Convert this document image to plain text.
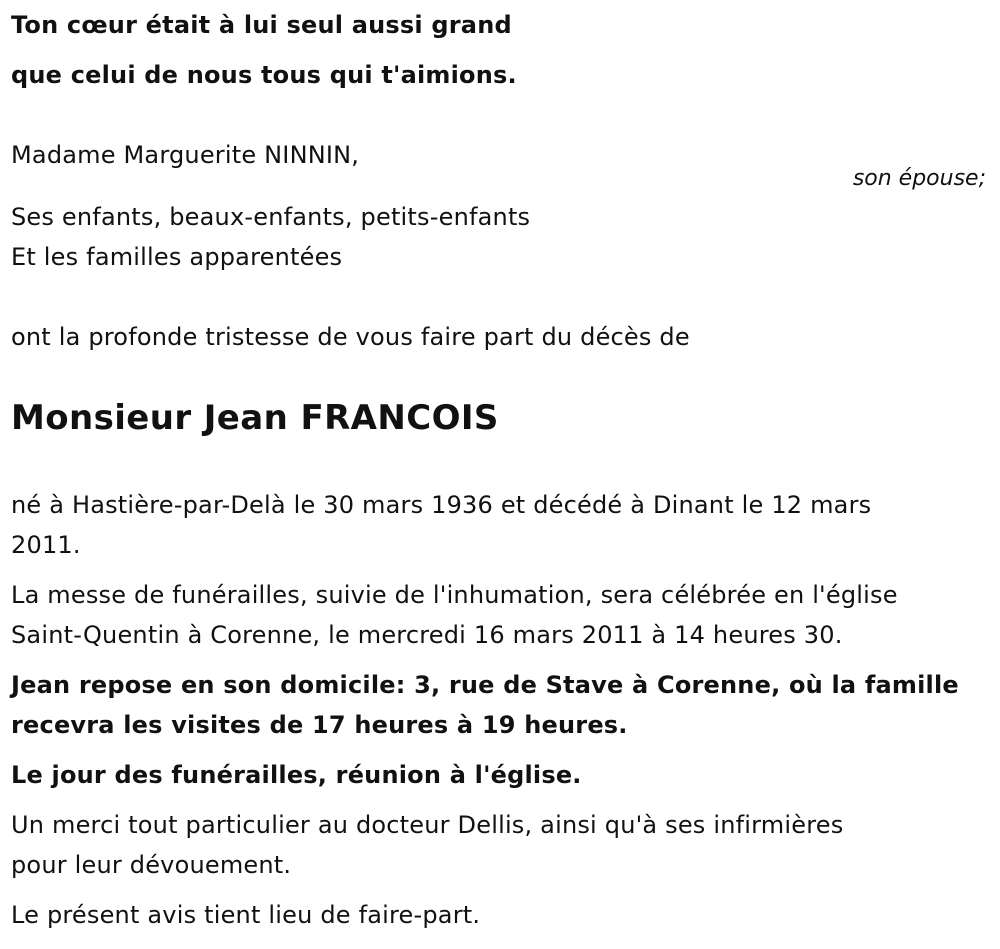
Ton cœur était à lui seul aussi grand
que celui de nous tous qui t'aimions.
Madame Marguerite NINNIN,
son épouse;
Ses enfants, beaux-enfants, petits-enfants
Et les familles apparentées
ont la profonde tristesse de vous faire part du décès de
Monsieur Jean FRANCOIS
né à Hastière-par-Delà le 30 mars 1936 et décédé à Dinant le 12 mars
2011.
La messe de funérailles, suivie de l'inhumation, sera célébrée en l'église
Saint-Quentin à Corenne, le mercredi 16 mars 2011 à 14 heures 30.
Jean repose en son domicile: 3, rue de Stave à Corenne, où la famille
recevra les visites de 17 heures à 19 heures.
Le jour des funérailles, réunion à l'église.
Un merci tout particulier au docteur Dellis, ainsi qu'à ses infirmières
pour leur dévouement.
Le présent avis tient lieu de faire-part.
